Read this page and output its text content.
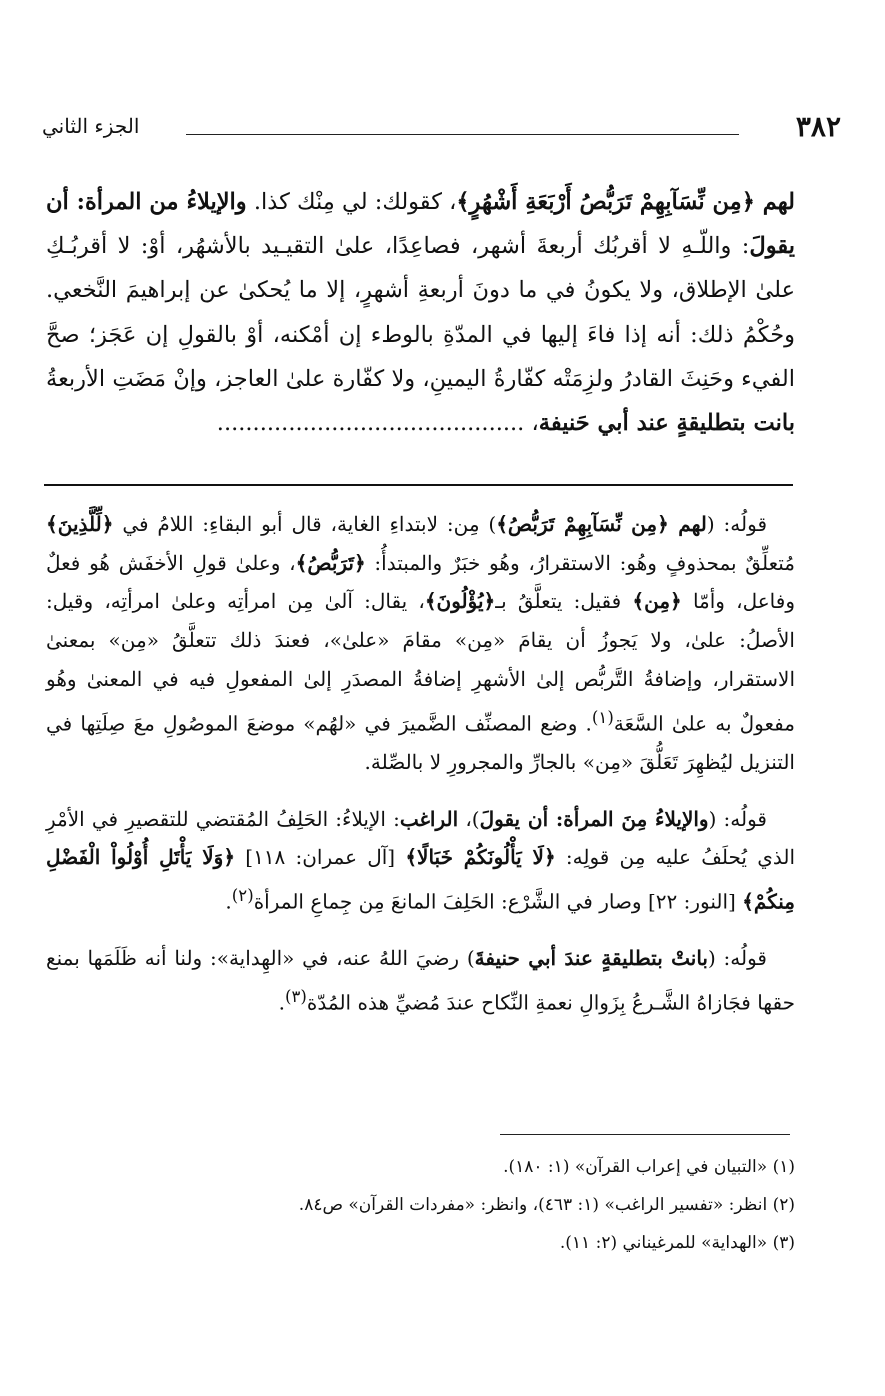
٣٨٢
الجزء الثاني
لهم ﴿مِن نِّسَآبِهِمْ تَرَبُّصُ أَرْبَعَةِ أَشْهُرٍ﴾، كقولك: لي مِنْك كذا. والإيلاءُ من المرأة: أن يقولَ: واللّـهِ لا أقربُك أربعةَ أشهر، فصاعِدًا، علىٰ التقيـيد بالأشهُر، أوْ: لا أقربُـكِ علىٰ الإطلاق، ولا يكونُ في ما دونَ أربعةِ أشهرٍ، إلا ما يُحكىٰ عن إبراهيمَ النَّخعي. وحُكْمُ ذلك: أنه إذا فاءَ إليها في المدّةِ بالوطء إن أمْكنه، أوْ بالقولِ إن عَجَز؛ صحَّ الفيء وحَنِثَ القادرُ ولزِمَتْه كفّارةُ اليمينِ، ولا كفّارة علىٰ العاجز، وإنْ مَضَتِ الأربعةُ بانت بتطليقةٍ عند أبي حَنيفة، ...........................................

قولُه: (لهم ﴿مِن نِّسَآبِهِمْ تَرَبُّصُ﴾) مِن: لابتداءِ الغاية، قال أبو البقاءِ: اللامُ في ﴿لِّلَّذِينَ﴾ مُتعلِّقٌ بمحذوفٍ وهُو: الاستقرارُ، وهُو خبَرٌ والمبتدأُ: ﴿تَرَبُّصُ﴾، وعلىٰ قولِ الأخفَش هُو فعلٌ وفاعل، وأمّا ﴿مِن﴾ فقيل: يتعلَّقُ بـ﴿يُؤْلُونَ﴾، يقال: آلىٰ مِن امرأتِه وعلىٰ امرأتِه، وقيل: الأصلُ: علىٰ، ولا يَجوزُ أن يقامَ «مِن» مقامَ «علىٰ»، فعندَ ذلك تتعلَّقُ «مِن» بمعنىٰ الاستقرار، وإضافةُ التَّربُّص إلىٰ الأشهرِ إضافةُ المصدَرِ إلىٰ المفعولِ فيه في المعنىٰ وهُو مفعولٌ به علىٰ السَّعَة$^{(١)}$. وضع المصنِّف الضَّميرَ في «لهُم» موضعَ الموصُولِ معَ صِلَتِها في التنزيل ليُظهِرَ تَعَلُّقَ «مِن» بالجارِّ والمجرورِ لا بالصِّلة.

قولُه: (والإيلاءُ مِنَ المرأة: أن يقولَ)، الراغب: الإيلاءُ: الحَلِفُ المُقتضي للتقصيرِ في الأمْرِ الذي يُحلَفُ عليه مِن قولِه: ﴿لَا يَأْلُونَكُمْ خَبَالًا﴾ [آل عمران: ١١٨] ﴿وَلَا يَأْتَلِ أُوْلُواْ الْفَضْلِ مِنكُمْ﴾ [النور: ٢٢] وصار في الشَّرْع: الحَلِفَ المانعَ مِن جِماعِ المرأة$^{(٢)}$.

قولُه: (بانتْ بتطليقةٍ عندَ أبي حنيفةَ) رضيَ اللهُ عنه، في «الهِداية»: ولنا أنه ظَلَمَها بمنع حقها فجَازاهُ الشَّـرعُ بِزَوالِ نعمةِ النِّكاح عندَ مُضيِّ هذه المُدّة$^{(٣)}$.

(١) «التبيان في إعراب القرآن» (١: ١٨٠).
(٢) انظر: «تفسير الراغب» (١: ٤٦٣)، وانظر: «مفردات القرآن» ص٨٤.
(٣) «الهداية» للمرغيناني (٢: ١١).
